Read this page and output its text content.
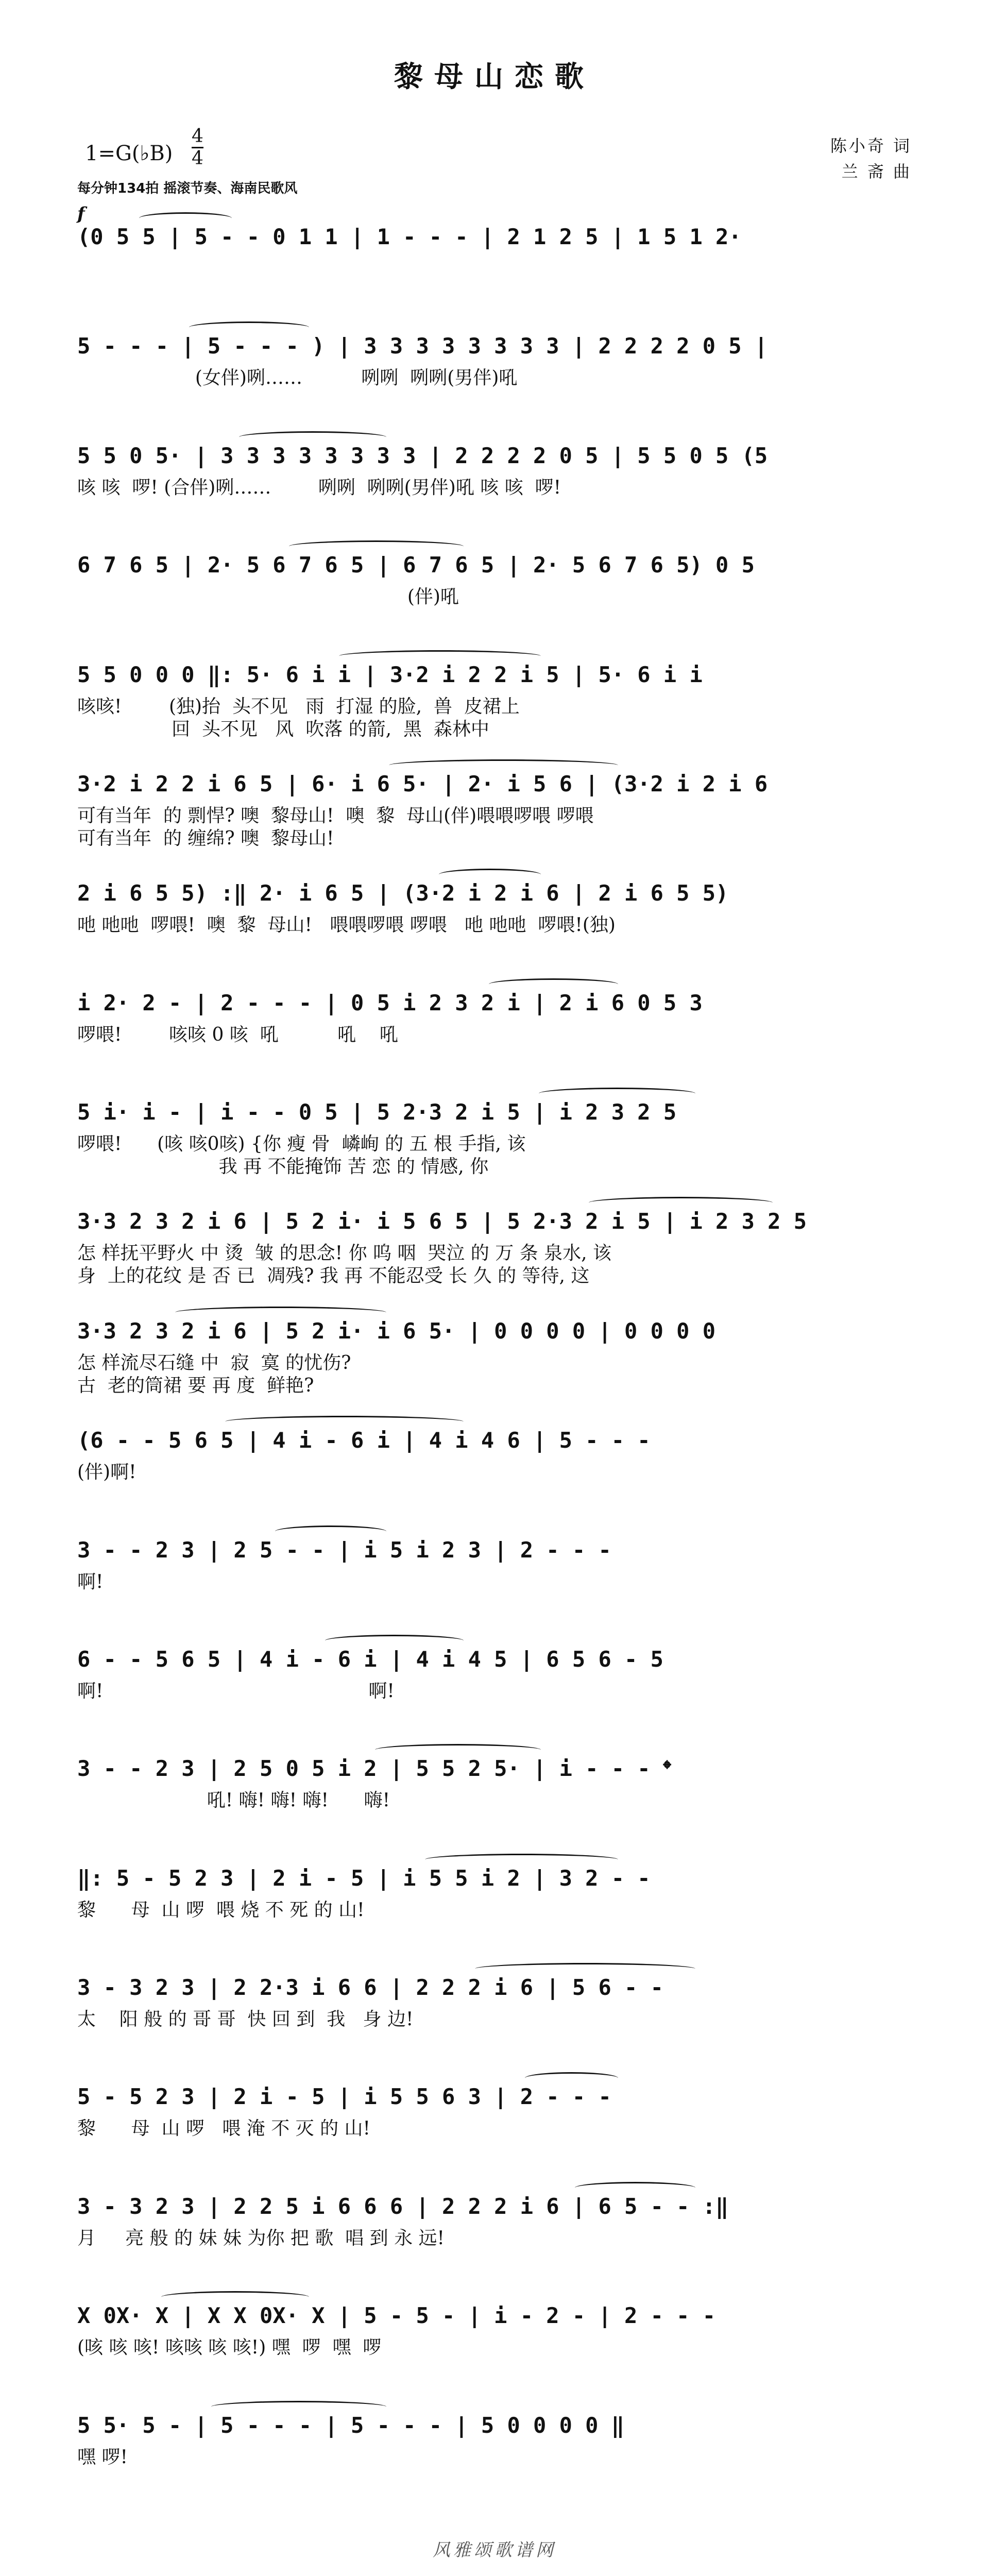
黎母山恋歌
1=G(♭B)
4
4
每分钟134拍 摇滚节奏、海南民歌风
陈小奇 词
兰 斋 曲
f
(0 5 5 | 5 - - 0 1 1 | 1 - - - | 2 1 2 5 | 1 5 1 2·
5 - - - | 5 - - - ) | 3 3 3 3 3 3 3 3 | 2 2 2 2 0 5 |
(女伴)咧……          咧咧  咧咧(男伴)吼
5 5 0 5· | 3 3 3 3 3 3 3 3 | 2 2 2 2 0 5 | 5 5 0 5 (5
咳 咳  啰! (合伴)咧……        咧咧  咧咧(男伴)吼 咳 咳  啰!
6 7 6 5 | 2· 5 6 7 6 5 | 6 7 6 5 | 2· 5 6 7 6 5) 0 5
(伴)吼
5 5 0 0 0 ‖: 5· 6 i i | 3·2 i 2 2 i 5 | 5· 6 i i
咳咳!        (独)抬  头不见   雨  打湿 的脸,  兽  皮裙上
回  头不见   风  吹落 的箭,  黑  森林中
3·2 i 2 2 i 6 5 | 6· i 6 5· | 2· i 5 6 | (3·2 i 2 i 6
可有当年  的 剽悍? 噢  黎母山!  噢  黎  母山(伴)喂喂啰喂 啰喂
可有当年  的 缠绵? 噢  黎母山!
2 i 6 5 5) :‖ 2· i 6 5 | (3·2 i 2 i 6 | 2 i 6 5 5)
吔 吔吔  啰喂!  噢  黎  母山!   喂喂啰喂 啰喂   吔 吔吔  啰喂!(独)
i 2· 2 - | 2 - - - | 0 5 i 2 3 2 i | 2 i 6 0 5 3
啰喂!        咳咳 0 咳  吼          吼    吼
5 i· i - | i - - 0 5 | 5 2·3 2 i 5 | i 2 3 2 5
啰喂!      (咳 咳0咳) {你 瘦 骨  嶙峋 的 五 根 手指, 该
我 再 不能掩饰 苦 恋 的 情感, 你
3·3 2 3 2 i 6 | 5 2 i· i 5 6 5 | 5 2·3 2 i 5 | i 2 3 2 5
怎 样抚平野火 中 烫  皱 的思念! 你 呜 咽  哭泣 的 万 条 泉水, 该
身  上的花纹 是 否 已  凋残? 我 再 不能忍受 长 久 的 等待, 这
3·3 2 3 2 i 6 | 5 2 i· i 6 5· | 0 0 0 0 | 0 0 0 0
怎 样流尽石缝 中  寂  寞 的忧伤?
古  老的筒裙 要 再 度  鲜艳?
(6 - - 5 6 5 | 4 i - 6 i | 4 i 4 6 | 5 - - -
(伴)啊!
3 - - 2 3 | 2 5 - - | i 5 i 2 3 | 2 - - -
啊!
6 - - 5 6 5 | 4 i - 6 i | 4 i 4 5 | 6 5 6 - 5
啊!                                             啊!
3 - - 2 3 | 2 5 0 5 i 2 | 5 5 2 5· | i - - - 𝄌
吼! 嗨! 嗨! 嗨!      嗨!
‖: 5 - 5 2 3 | 2 i - 5 | i 5 5 i 2 | 3 2 - -
黎      母  山 啰  喂 烧 不 死 的 山!
3 - 3 2 3 | 2 2·3 i 6 6 | 2 2 2 i 6 | 5 6 - -
太    阳 般 的 哥 哥  快 回 到  我   身 边!
5 - 5 2 3 | 2 i - 5 | i 5 5 6 3 | 2 - - -
黎      母  山 啰   喂 淹 不 灭 的 山!
3 - 3 2 3 | 2 2 5 i 6 6 6 | 2 2 2 i 6 | 6 5 - - :‖
月     亮 般 的 妹 妹 为你 把 歌  唱 到 永 远!
X 0X· X | X X 0X· X | 5 - 5 - | i - 2 - | 2 - - -
(咳 咳 咳! 咳咳 咳 咳!) 嘿  啰  嘿  啰
5 5· 5 - | 5 - - - | 5 - - - | 5 0 0 0 0 ‖
嘿 啰!
风雅颂歌谱网
